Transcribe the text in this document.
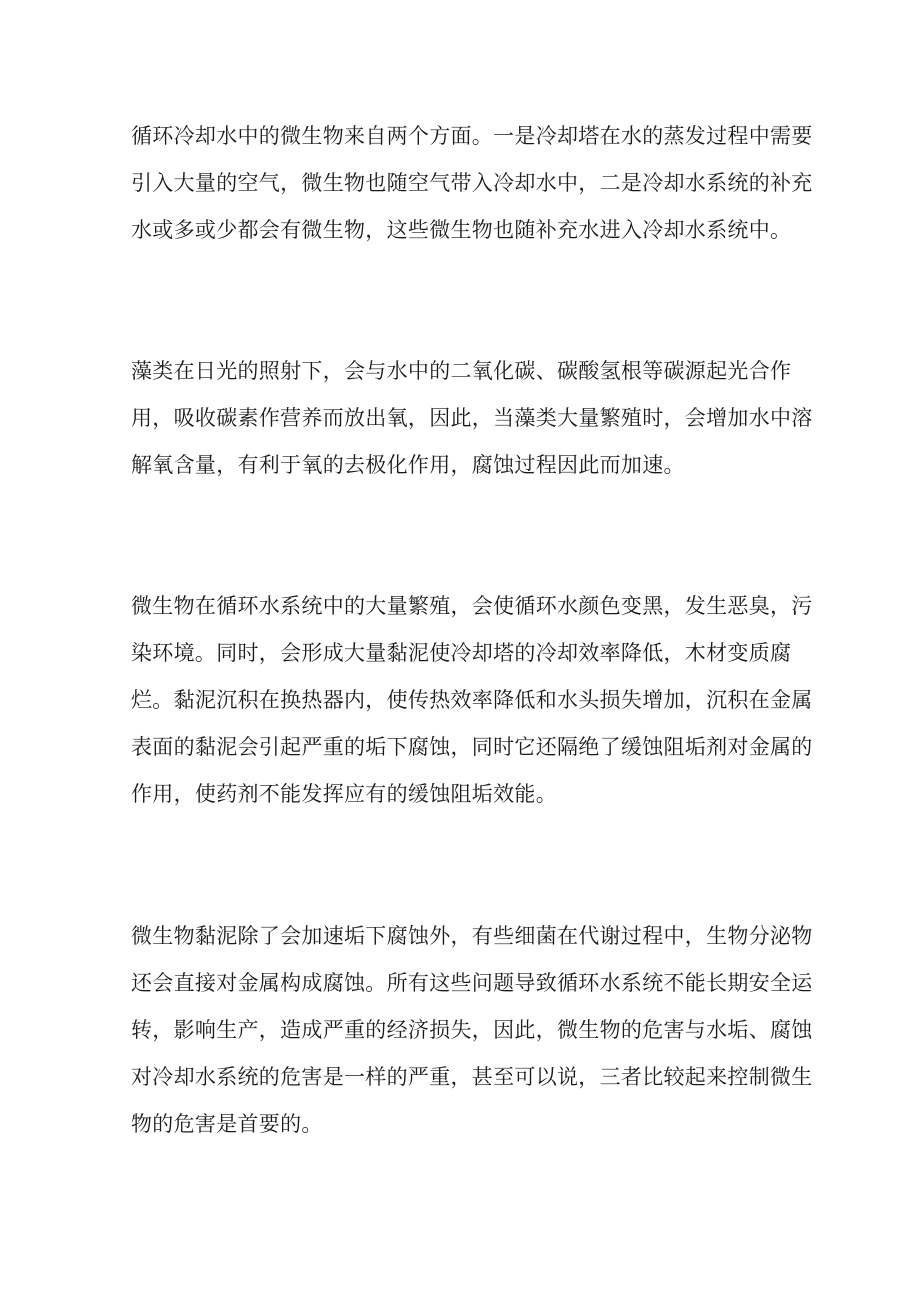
循环冷却水中的微生物来自两个方面。一是冷却塔在水的蒸发过程中需要
引入大量的空气，微生物也随空气带入冷却水中，二是冷却水系统的补充
水或多或少都会有微生物，这些微生物也随补充水进入冷却水系统中。

藻类在日光的照射下，会与水中的二氧化碳、碳酸氢根等碳源起光合作
用，吸收碳素作营养而放出氧，因此，当藻类大量繁殖时，会增加水中溶
解氧含量，有利于氧的去极化作用，腐蚀过程因此而加速。

微生物在循环水系统中的大量繁殖，会使循环水颜色变黑，发生恶臭，污
染环境。同时，会形成大量黏泥使冷却塔的冷却效率降低，木材变质腐
烂。黏泥沉积在换热器内，使传热效率降低和水头损失增加，沉积在金属
表面的黏泥会引起严重的垢下腐蚀，同时它还隔绝了缓蚀阻垢剂对金属的
作用，使药剂不能发挥应有的缓蚀阻垢效能。

微生物黏泥除了会加速垢下腐蚀外，有些细菌在代谢过程中，生物分泌物
还会直接对金属构成腐蚀。所有这些问题导致循环水系统不能长期安全运
转，影响生产，造成严重的经济损失，因此，微生物的危害与水垢、腐蚀
对冷却水系统的危害是一样的严重，甚至可以说，三者比较起来控制微生
物的危害是首要的。
